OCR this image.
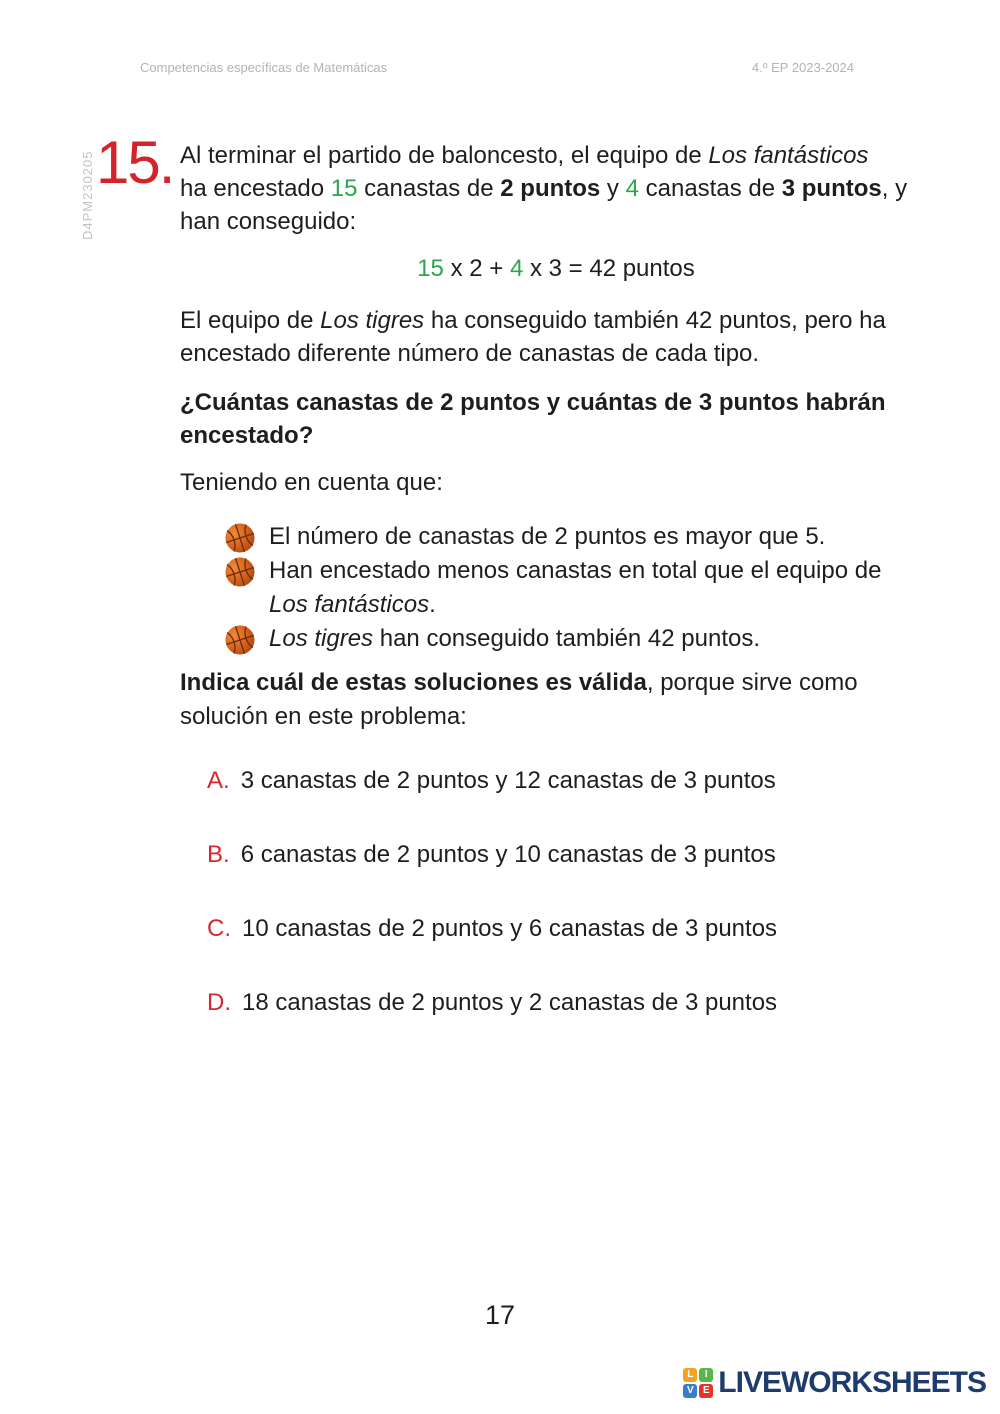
Competencias específicas de Matemáticas	4.º EP 2023-2024
D4PM230205 15. Al terminar el partido de baloncesto, el equipo de Los fantásticos
ha encestado 15 canastas de 2 puntos y 4 canastas de 3 puntos, y
han conseguido:
15 x 2 + 4 x 3 = 42 puntos
El equipo de Los tigres ha conseguido también 42 puntos, pero ha
encestado diferente número de canastas de cada tipo.
¿Cuántas canastas de 2 puntos y cuántas de 3 puntos habrán
encestado?
Teniendo en cuenta que:
El número de canastas de 2 puntos es mayor que 5.
Han encestado menos canastas en total que el equipo de
Los fantásticos.
Los tigres han conseguido también 42 puntos.
Indica cuál de estas soluciones es válida, porque sirve como
solución en este problema:
A. 3 canastas de 2 puntos y 12 canastas de 3 puntos
B. 6 canastas de 2 puntos y 10 canastas de 3 puntos
C. 10 canastas de 2 puntos y 6 canastas de 3 puntos
D. 18 canastas de 2 puntos y 2 canastas de 3 puntos
17
L	I
V E LIVEWORKSHEETS
